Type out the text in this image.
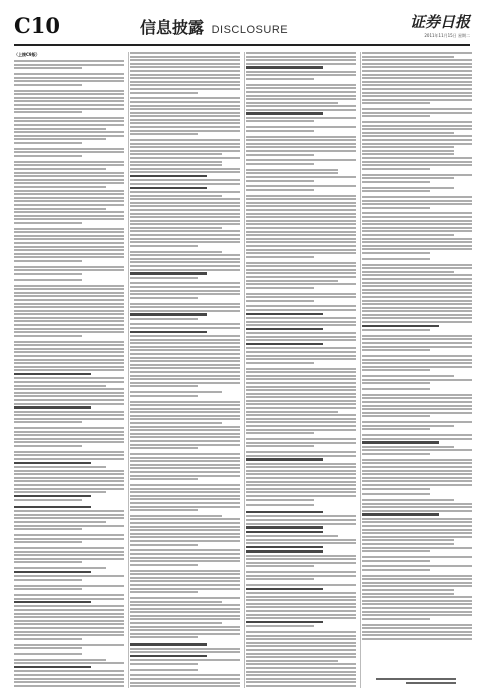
C10	信息披露 DISCLOSURE	证券日报
2011年11月15日 星期二
（上接C9版）
